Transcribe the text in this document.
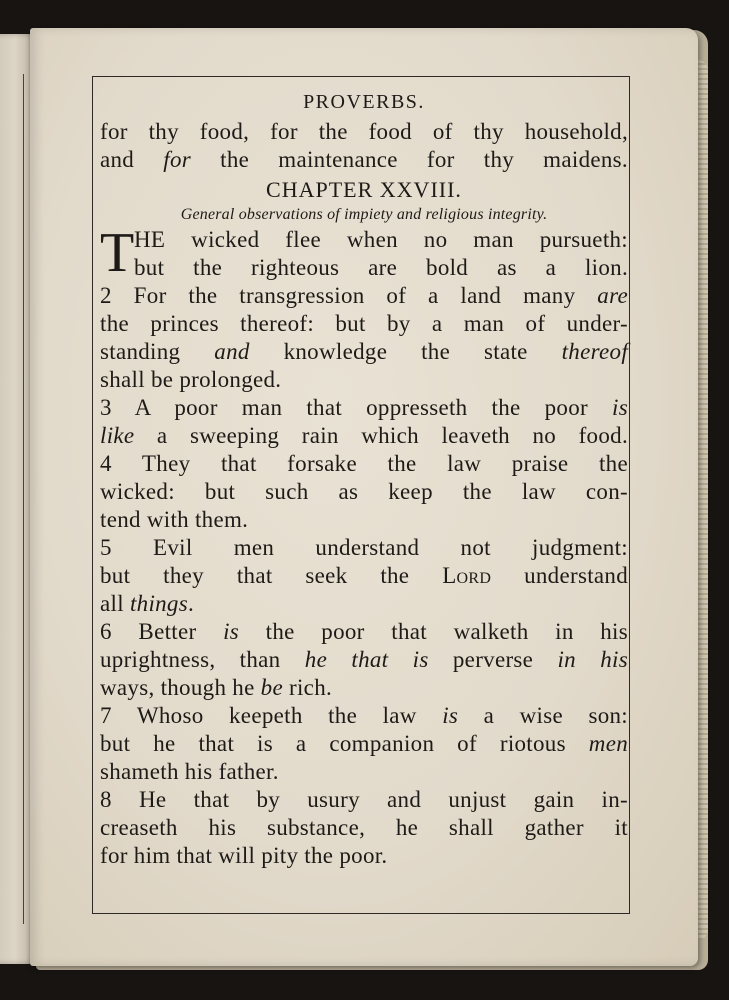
PROVERBS.
for thy food, for the food of thy household,
and for the maintenance for thy maidens.
CHAPTER XXVIII.
General observations of impiety and religious integrity.
T HE wicked flee when no man pursueth:
but the righteous are bold as a lion.
2 For the transgression of a land many are
the princes thereof: but by a man of under-
standing and knowledge the state thereof
shall be prolonged.
3 A poor man that oppresseth the poor is
like a sweeping rain which leaveth no food.
4 They that forsake the law praise the
wicked: but such as keep the law con-
tend with them.
5 Evil men understand not judgment:
but they that seek the Lord understand
all things.
6 Better is the poor that walketh in his
uprightness, than he that is perverse in his
ways, though he be rich.
7 Whoso keepeth the law is a wise son:
but he that is a companion of riotous men
shameth his father.
8 He that by usury and unjust gain in-
creaseth his substance, he shall gather it
for him that will pity the poor.
